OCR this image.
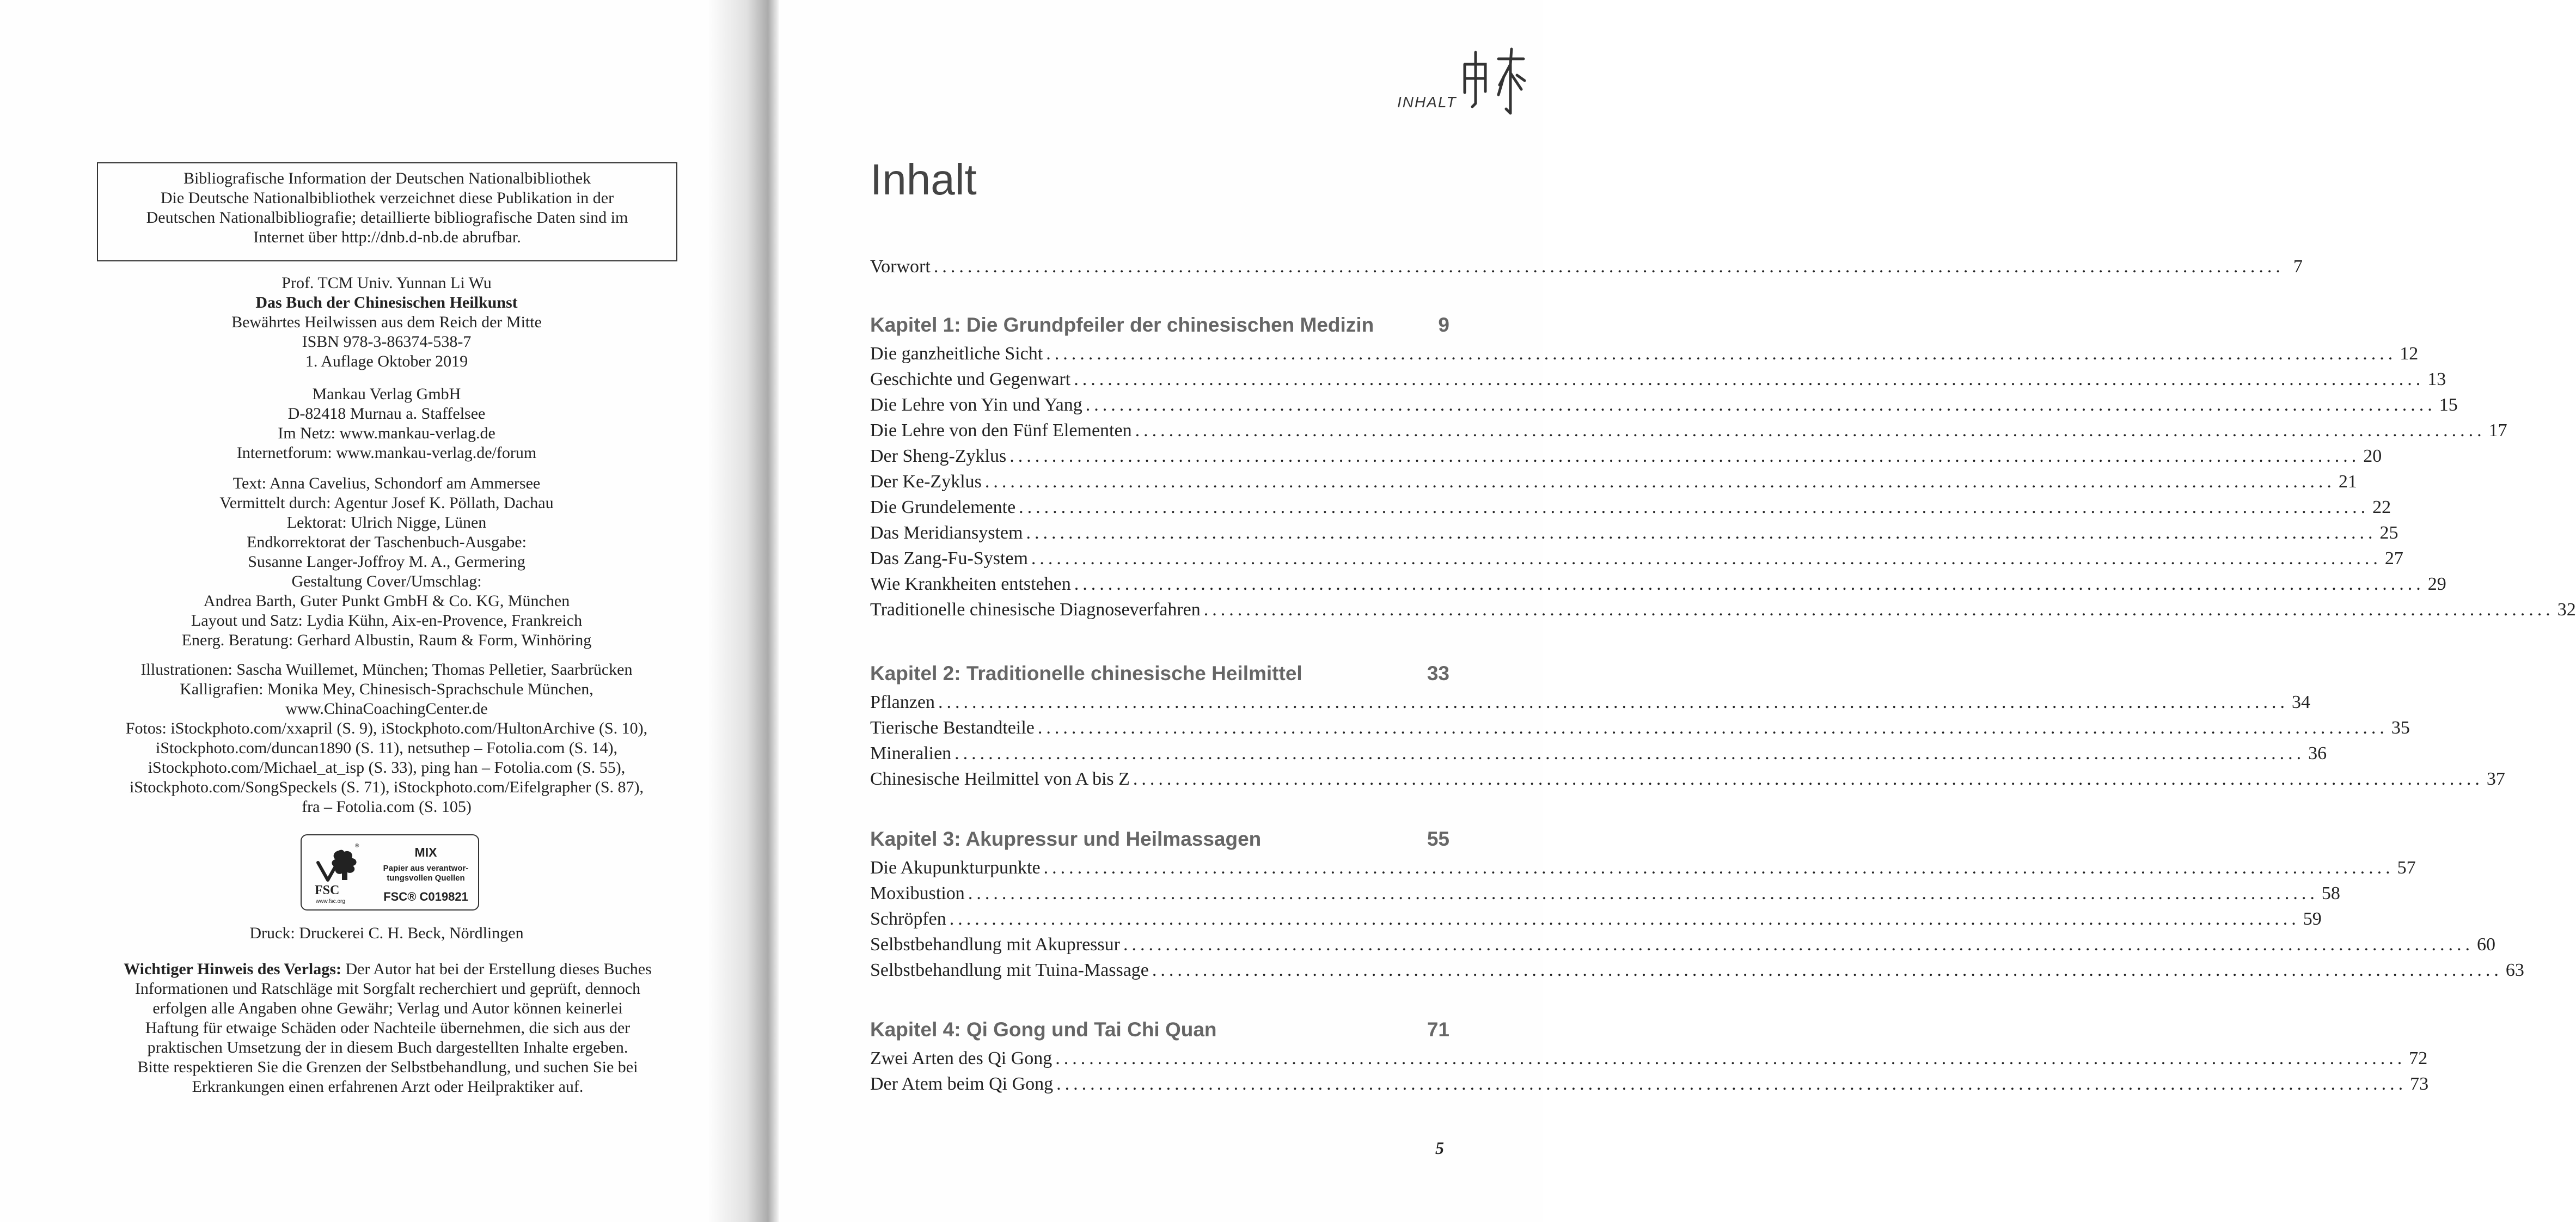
Bibliografische Information der Deutschen Nationalbibliothek
Die Deutsche Nationalbibliothek verzeichnet diese Publikation in der
Deutschen Nationalbibliografie; detaillierte bibliografische Daten sind im
Internet über http://dnb.d-nb.de abrufbar.
Prof. TCM Univ. Yunnan Li Wu
Das Buch der Chinesischen Heilkunst
Bewährtes Heilwissen aus dem Reich der Mitte
ISBN 978-3-86374-538-7
1. Auflage Oktober 2019
Mankau Verlag GmbH
D-82418 Murnau a. Staffelsee
Im Netz: www.mankau-verlag.de
Internetforum: www.mankau-verlag.de/forum
Text: Anna Cavelius, Schondorf am Ammersee
Vermittelt durch: Agentur Josef K. Pöllath, Dachau
Lektorat: Ulrich Nigge, Lünen
Endkorrektorat der Taschenbuch-Ausgabe:
Susanne Langer-Joffroy M. A., Germering
Gestaltung Cover/Umschlag:
Andrea Barth, Guter Punkt GmbH & Co. KG, München
Layout und Satz: Lydia Kühn, Aix-en-Provence, Frankreich
Energ. Beratung: Gerhard Albustin, Raum & Form, Winhöring
Illustrationen: Sascha Wuillemet, München; Thomas Pelletier, Saarbrücken
Kalligrafien: Monika Mey, Chinesisch-Sprachschule München,
www.ChinaCoachingCenter.de
Fotos: iStockphoto.com/xxapril (S. 9), iStockphoto.com/HultonArchive (S. 10),
iStockphoto.com/duncan1890 (S. 11), netsuthep – Fotolia.com (S. 14),
iStockphoto.com/Michael_at_isp (S. 33), ping han – Fotolia.com (S. 55),
iStockphoto.com/SongSpeckels (S. 71), iStockphoto.com/Eifelgrapher (S. 87),
fra – Fotolia.com (S. 105)
®
FSC
www.fsc.org
MIX
Papier aus verantwor-
tungsvollen Quellen
FSC® C019821
Druck: Druckerei C. H. Beck, Nördlingen
Wichtiger Hinweis des Verlags: Der Autor hat bei der Erstellung dieses Buches
Informationen und Ratschläge mit Sorgfalt recherchiert und geprüft, dennoch
erfolgen alle Angaben ohne Gewähr; Verlag und Autor können keinerlei
Haftung für etwaige Schäden oder Nachteile übernehmen, die sich aus der
praktischen Umsetzung der in diesem Buch dargestellten Inhalte ergeben.
Bitte respektieren Sie die Grenzen der Selbstbehandlung, und suchen Sie bei
Erkrankungen einen erfahrenen Arzt oder Heilpraktiker auf.
INHALT
Inhalt
Vorwort ................................................................................................................................................................ 7
Kapitel 1: Die Grundpfeiler der chinesischen Medizin	9
Die ganzheitliche Sicht ................................................................................................................................................................ 12
Geschichte und Gegenwart ................................................................................................................................................................ 13
Die Lehre von Yin und Yang ................................................................................................................................................................ 15
Die Lehre von den Fünf Elementen ................................................................................................................................................................ 17
Der Sheng-Zyklus ................................................................................................................................................................ 20
Der Ke-Zyklus ................................................................................................................................................................ 21
Die Grundelemente ................................................................................................................................................................ 22
Das Meridiansystem ................................................................................................................................................................ 25
Das Zang-Fu-System ................................................................................................................................................................ 27
Wie Krankheiten entstehen ................................................................................................................................................................ 29
Traditionelle chinesische Diagnoseverfahren ................................................................................................................................................................ 32
Kapitel 2: Traditionelle chinesische Heilmittel	33
Pflanzen ................................................................................................................................................................ 34
Tierische Bestandteile ................................................................................................................................................................ 35
Mineralien ................................................................................................................................................................ 36
Chinesische Heilmittel von A bis Z ................................................................................................................................................................ 37
Kapitel 3: Akupressur und Heilmassagen	55
Die Akupunkturpunkte ................................................................................................................................................................ 57
Moxibustion ................................................................................................................................................................ 58
Schröpfen ................................................................................................................................................................ 59
Selbstbehandlung mit Akupressur ................................................................................................................................................................ 60
Selbstbehandlung mit Tuina-Massage ................................................................................................................................................................ 63
Kapitel 4: Qi Gong und Tai Chi Quan	71
Zwei Arten des Qi Gong ................................................................................................................................................................ 72
Der Atem beim Qi Gong ................................................................................................................................................................ 73
5
